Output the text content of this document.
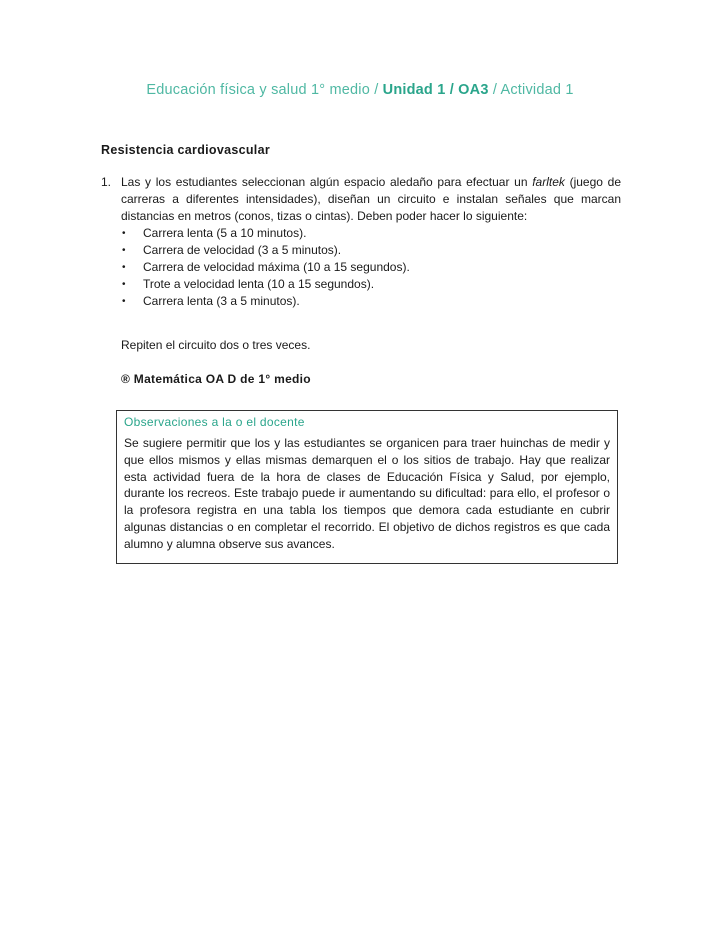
Educación física y salud 1° medio / Unidad 1 / OA3 / Actividad 1
Resistencia cardiovascular
1. Las y los estudiantes seleccionan algún espacio aledaño para efectuar un farltek (juego de carreras a diferentes intensidades), diseñan un circuito e instalan señales que marcan distancias en metros (conos, tizas o cintas). Deben poder hacer lo siguiente:
•	Carrera lenta (5 a 10 minutos).
•	Carrera de velocidad (3 a 5 minutos).
•	Carrera de velocidad máxima (10 a 15 segundos).
•	Trote a velocidad lenta (10 a 15 segundos).
•	Carrera lenta (3 a 5 minutos).
Repiten el circuito dos o tres veces.
® Matemática OA D de 1° medio
Observaciones a la o el docente
Se sugiere permitir que los y las estudiantes se organicen para traer huinchas de medir y que ellos mismos y ellas mismas demarquen el o los sitios de trabajo. Hay que realizar esta actividad fuera de la hora de clases de Educación Física y Salud, por ejemplo, durante los recreos. Este trabajo puede ir aumentando su dificultad: para ello, el profesor o la profesora registra en una tabla los tiempos que demora cada estudiante en cubrir algunas distancias o en completar el recorrido. El objetivo de dichos registros es que cada alumno y alumna observe sus avances.
